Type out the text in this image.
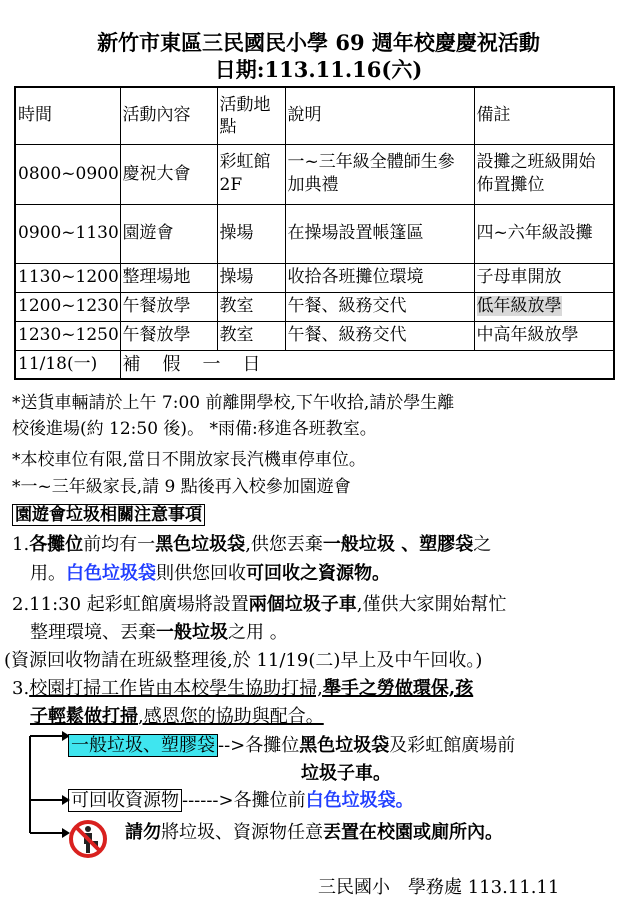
新竹市東區三民國民小學 69 週年校慶慶祝活動
日期:113.11.16(六)
時間	活動內容	活動地點	說明	備註
0800~0900	慶祝大會	彩虹館 2F	一~三年級全體師生參加典禮	設攤之班級開始佈置攤位
0900~1130	園遊會	操場	在操場設置帳篷區	四~六年級設攤
1130~1200	整理場地	操場	收拾各班攤位環境	子母車開放
1200~1230	午餐放學	教室	午餐、級務交代	低年級放學
1230~1250	午餐放學	教室	午餐、級務交代	中高年級放學
11/18(一)	補　假　一　日			
*送貨車輛請於上午 7:00 前離開學校,下午收拾,請於學生離
校後進場(約 12:50 後)。 *雨備:移進各班教室。
*本校車位有限,當日不開放家長汽機車停車位。
*一~三年級家長,請 9 點後再入校參加園遊會
園遊會垃圾相關注意事項
1.各攤位前均有一黑色垃圾袋,供您丟棄一般垃圾 、塑膠袋之
用。白色垃圾袋則供您回收可回收之資源物。
2.11:30 起彩虹館廣場將設置兩個垃圾子車,僅供大家開始幫忙
整理環境、丟棄一般垃圾之用 。
(資源回收物請在班級整理後,於 11/19(二)早上及中午回收。)
3.校園打掃工作皆由本校學生協助打掃,舉手之勞做環保,孩
子輕鬆做打掃,感恩您的協助與配合。
一般垃圾、塑膠袋 -->各攤位黑色垃圾袋及彩虹館廣場前
垃圾子車。
可回收資源物 ------>各攤位前白色垃圾袋。
請勿將垃圾、資源物任意丟置在校園或廁所內。
三民國小　學務處 113.11.11
